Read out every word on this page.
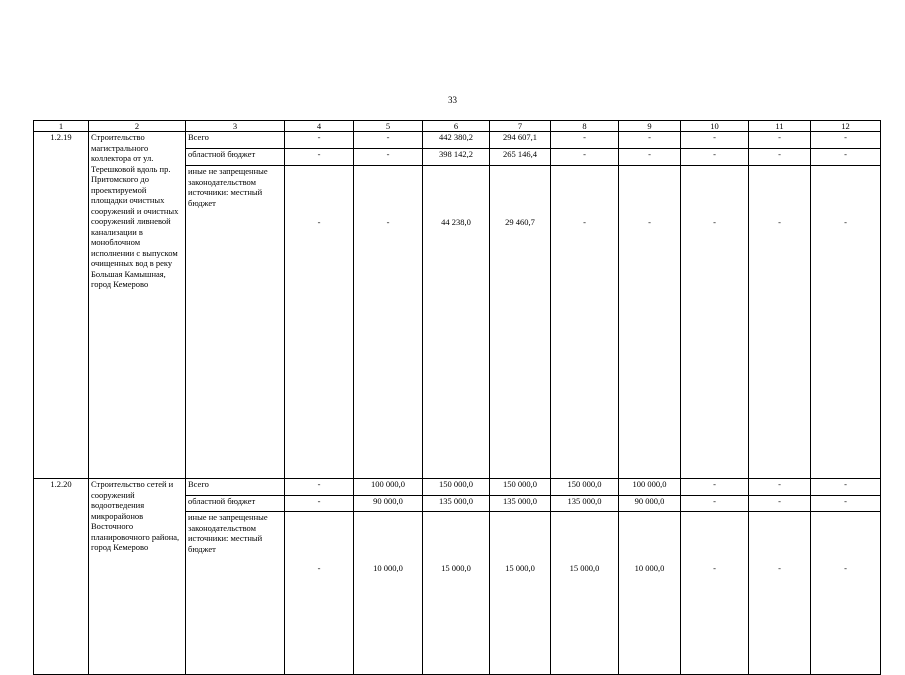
33
1	2	3	4	5	6	7	8	9	10	11	12
1.2.19	Строительство магистрального коллектора от ул. Терешковой вдоль пр. Притомского до проектируемой площадки очистных сооружений и очистных сооружений ливневой канализации в моноблочном исполнении с выпуском очищенных вод в реку Большая Камышная, город Кемерово	Всего	-	-	442 380,2	294 607,1	-	-	-	-	-
		областной бюджет	-	-	398 142,2	265 146,4	-	-	-	-	-
		иные не запрещенные законодательством источники: местный бюджет	-	-	44 238,0	29 460,7	-	-	-	-	-
1.2.20	Строительство сетей и сооружений водоотведения микрорайонов Восточного планировочного района, город Кемерово	Всего	-	100 000,0	150 000,0	150 000,0	150 000,0	100 000,0	-	-	-
		областной бюджет	-	90 000,0	135 000,0	135 000,0	135 000,0	90 000,0	-	-	-
		иные не запрещенные законодательством источники: местный бюджет	-	10 000,0	15 000,0	15 000,0	15 000,0	10 000,0	-	-	-
